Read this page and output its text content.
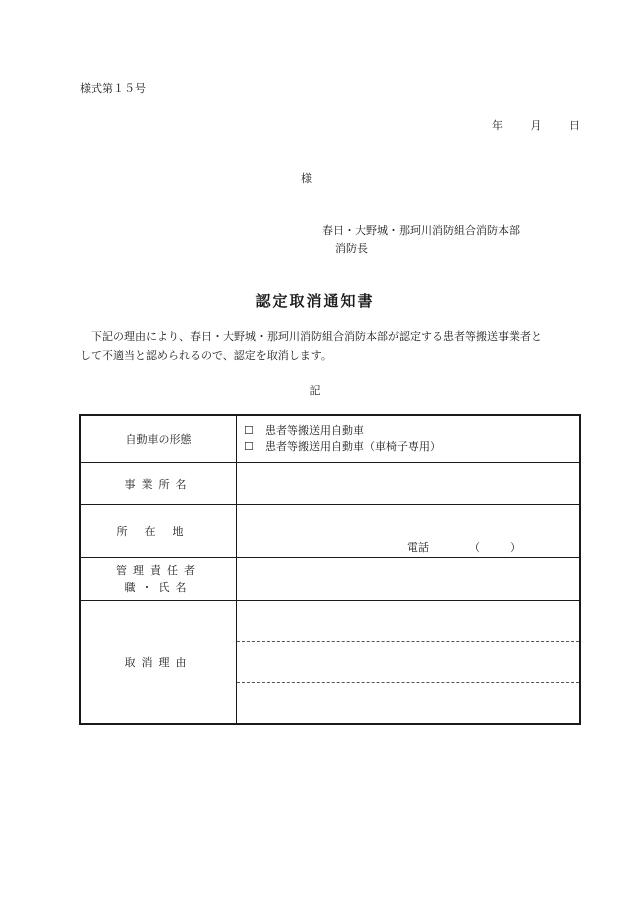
様式第１５号
年	月	日
様
春日・大野城・那珂川消防組合消防本部
消防長
認定取消通知書
下記の理由により、春日・大野城・那珂川消防組合消防本部が認定する患者等搬送事業者として不適当と認められるので、認定を取消します。
記
自動車の形態	☐ 患者等搬送用自動車
☐ 患者等搬送用自動車（車椅子専用）

事業所名	
所在地	電話 （ ）

管理責任者
職・氏名	
取消理由	
